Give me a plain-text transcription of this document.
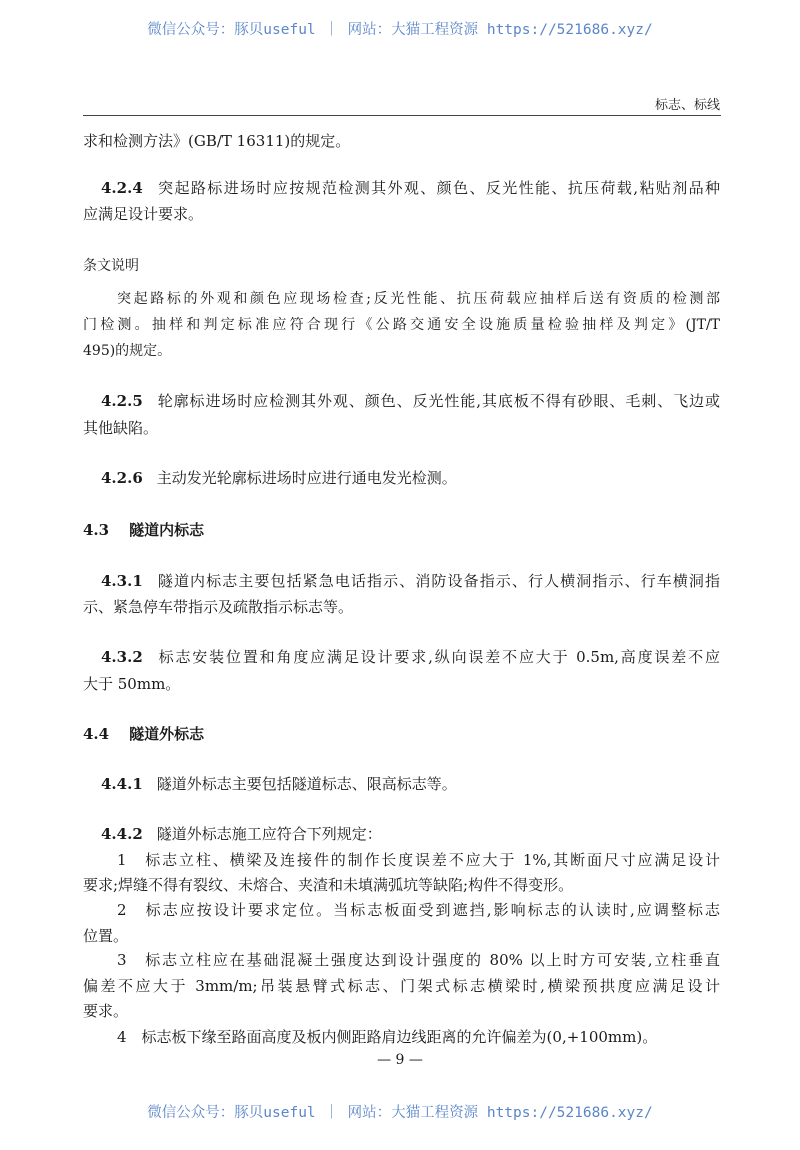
微信公众号：豚贝useful ｜ 网站：大猫工程资源 https://521686.xyz/
标志、标线
求和检测方法》(GB/T 16311)的规定。
4.2.4 突起路标进场时应按规范检测其外观、颜色、反光性能、抗压荷载,粘贴剂品种
应满足设计要求。
条文说明
突起路标的外观和颜色应现场检查;反光性能、抗压荷载应抽样后送有资质的检测部
门检测。抽样和判定标准应符合现行《公路交通安全设施质量检验抽样及判定》(JT/T
495)的规定。
4.2.5 轮廓标进场时应检测其外观、颜色、反光性能,其底板不得有砂眼、毛刺、飞边或
其他缺陷。
4.2.6 主动发光轮廓标进场时应进行通电发光检测。
4.3 隧道内标志
4.3.1 隧道内标志主要包括紧急电话指示、消防设备指示、行人横洞指示、行车横洞指
示、紧急停车带指示及疏散指示标志等。
4.3.2 标志安装位置和角度应满足设计要求,纵向误差不应大于 0.5m,高度误差不应
大于 50mm。
4.4 隧道外标志
4.4.1 隧道外标志主要包括隧道标志、限高标志等。
4.4.2 隧道外标志施工应符合下列规定：
1　标志立柱、横梁及连接件的制作长度误差不应大于 1%,其断面尺寸应满足设计
要求;焊缝不得有裂纹、未熔合、夹渣和未填满弧坑等缺陷;构件不得变形。
2　标志应按设计要求定位。当标志板面受到遮挡,影响标志的认读时,应调整标志
位置。
3　标志立柱应在基础混凝土强度达到设计强度的 80% 以上时方可安装,立柱垂直
偏差不应大于 3mm/m;吊装悬臂式标志、门架式标志横梁时,横梁预拱度应满足设计
要求。
4　标志板下缘至路面高度及板内侧距路肩边线距离的允许偏差为(0,+100mm)。
— 9 —
微信公众号：豚贝useful ｜ 网站：大猫工程资源 https://521686.xyz/
